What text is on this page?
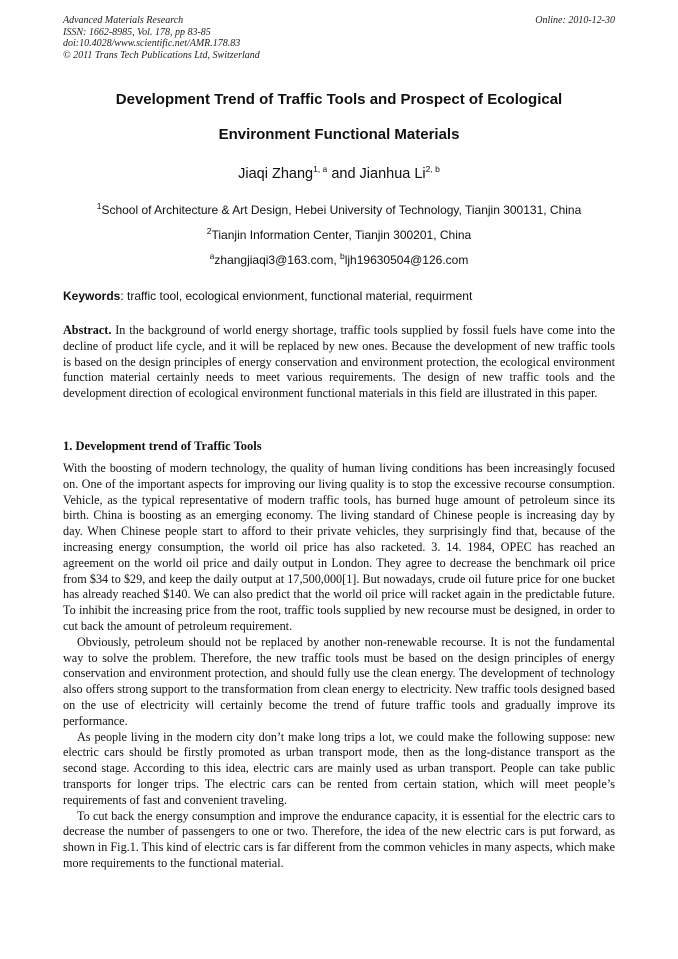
Advanced Materials Research
ISSN: 1662-8985, Vol. 178, pp 83-85
doi:10.4028/www.scientific.net/AMR.178.83
© 2011 Trans Tech Publications Ltd, Switzerland
Online: 2010-12-30
Development Trend of Traffic Tools and Prospect of Ecological
Environment Functional Materials
Jiaqi Zhang$^{1, a}$ and Jianhua Li$^{2, b}$
$^1$School of Architecture & Art Design, Hebei University of Technology, Tianjin 300131, China
$^2$Tianjin Information Center, Tianjin 300201, China
$^a$zhangjiaqi3@163.com, $^b$ljh19630504@126.com
Keywords: traffic tool, ecological envionment, functional material, requirment

Abstract. In the background of world energy shortage, traffic tools supplied by fossil fuels have come into the decline of product life cycle, and it will be replaced by new ones. Because the development of new traffic tools is based on the design principles of energy conservation and environment protection, the ecological environment function material certainly needs to meet various requirements. The design of new traffic tools and the development direction of ecological environment functional materials in this field are illustrated in this paper.

1. Development trend of Traffic Tools

With the boosting of modern technology, the quality of human living conditions has been increasingly focused on. One of the important aspects for improving our living quality is to stop the excessive recourse consumption. Vehicle, as the typical representative of modern traffic tools, has burned huge amount of petroleum since its birth. China is boosting as an emerging economy. The living standard of Chinese people is increasing day by day. When Chinese people start to afford to their private vehicles, they surprisingly find that, because of the increasing energy consumption, the world oil price has also racketed. 3. 14. 1984, OPEC has reached an agreement on the world oil price and daily output in London. They agree to decrease the benchmark oil price from $34 to $29, and keep the daily output at 17,500,000[1]. But nowadays, crude oil future price for one bucket has already reached $140. We can also predict that the world oil price will racket again in the predictable future. To inhibit the increasing price from the root, traffic tools supplied by new recourse must be designed, in order to cut back the amount of petroleum requirement.

Obviously, petroleum should not be replaced by another non-renewable recourse. It is not the fundamental way to solve the problem. Therefore, the new traffic tools must be based on the design principles of energy conservation and environment protection, and should fully use the clean energy. The development of technology also offers strong support to the transformation from clean energy to electricity. New traffic tools designed based on the use of electricity will certainly become the trend of future traffic tools and gradually improve its performance.

As people living in the modern city don’t make long trips a lot, we could make the following suppose: new electric cars should be firstly promoted as urban transport mode, then as the long-distance transport as the second stage. According to this idea, electric cars are mainly used as urban transport. People can take public transports for longer trips. The electric cars can be rented from certain station, which will meet people’s requirements of fast and convenient traveling.

To cut back the energy consumption and improve the endurance capacity, it is essential for the electric cars to decrease the number of passengers to one or two. Therefore, the idea of the new electric cars is put forward, as shown in Fig.1. This kind of electric cars is far different from the common vehicles in many aspects, which make more requirements to the functional material.
